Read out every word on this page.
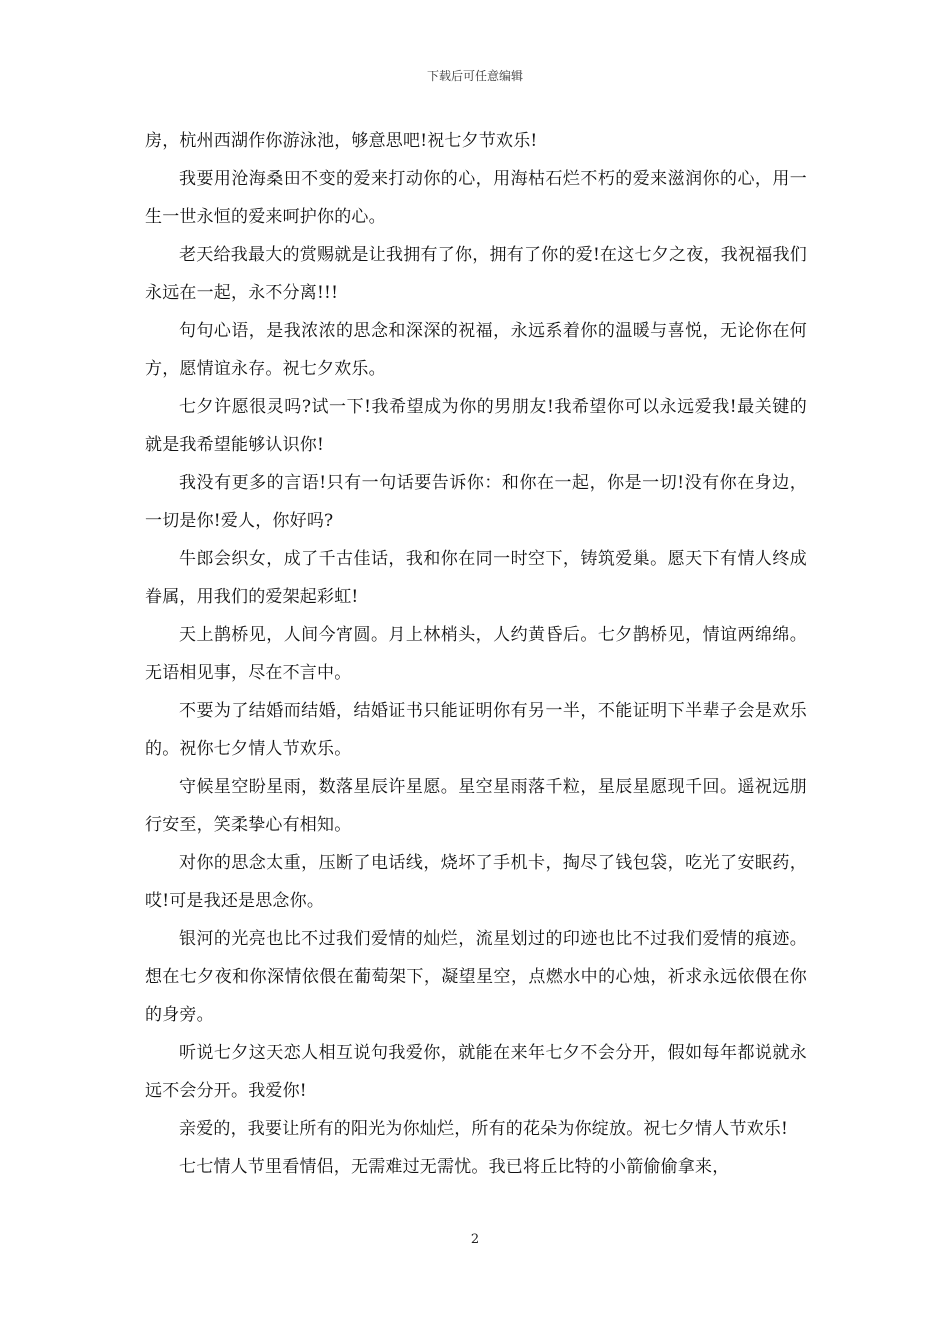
下载后可任意编辑

房，杭州西湖作你游泳池，够意思吧!祝七夕节欢乐!

我要用沧海桑田不变的爱来打动你的心，用海枯石烂不朽的爱来滋润你的心，用一生一世永恒的爱来呵护你的心。

老天给我最大的赏赐就是让我拥有了你，拥有了你的爱!在这七夕之夜，我祝福我们永远在一起，永不分离!!!

句句心语，是我浓浓的思念和深深的祝福，永远系着你的温暖与喜悦，无论你在何方，愿情谊永存。祝七夕欢乐。

七夕许愿很灵吗?试一下!我希望成为你的男朋友!我希望你可以永远爱我!最关键的就是我希望能够认识你!

我没有更多的言语!只有一句话要告诉你：和你在一起，你是一切!没有你在身边，一切是你!爱人，你好吗?

牛郎会织女，成了千古佳话，我和你在同一时空下，铸筑爱巢。愿天下有情人终成眷属，用我们的爱架起彩虹!

天上鹊桥见，人间今宵圆。月上林梢头，人约黄昏后。七夕鹊桥见，情谊两绵绵。无语相见事，尽在不言中。

不要为了结婚而结婚，结婚证书只能证明你有另一半，不能证明下半辈子会是欢乐的。祝你七夕情人节欢乐。

守候星空盼星雨，数落星辰许星愿。星空星雨落千粒，星辰星愿现千回。遥祝远朋行安至，笑柔挚心有相知。

对你的思念太重，压断了电话线，烧坏了手机卡，掏尽了钱包袋，吃光了安眠药，哎!可是我还是思念你。

银河的光亮也比不过我们爱情的灿烂，流星划过的印迹也比不过我们爱情的痕迹。想在七夕夜和你深情依偎在葡萄架下，凝望星空，点燃水中的心烛，祈求永远依偎在你的身旁。

听说七夕这天恋人相互说句我爱你，就能在来年七夕不会分开，假如每年都说就永远不会分开。我爱你!

亲爱的，我要让所有的阳光为你灿烂，所有的花朵为你绽放。祝七夕情人节欢乐!

七七情人节里看情侣，无需难过无需忧。我已将丘比特的小箭偷偷拿来，

2
